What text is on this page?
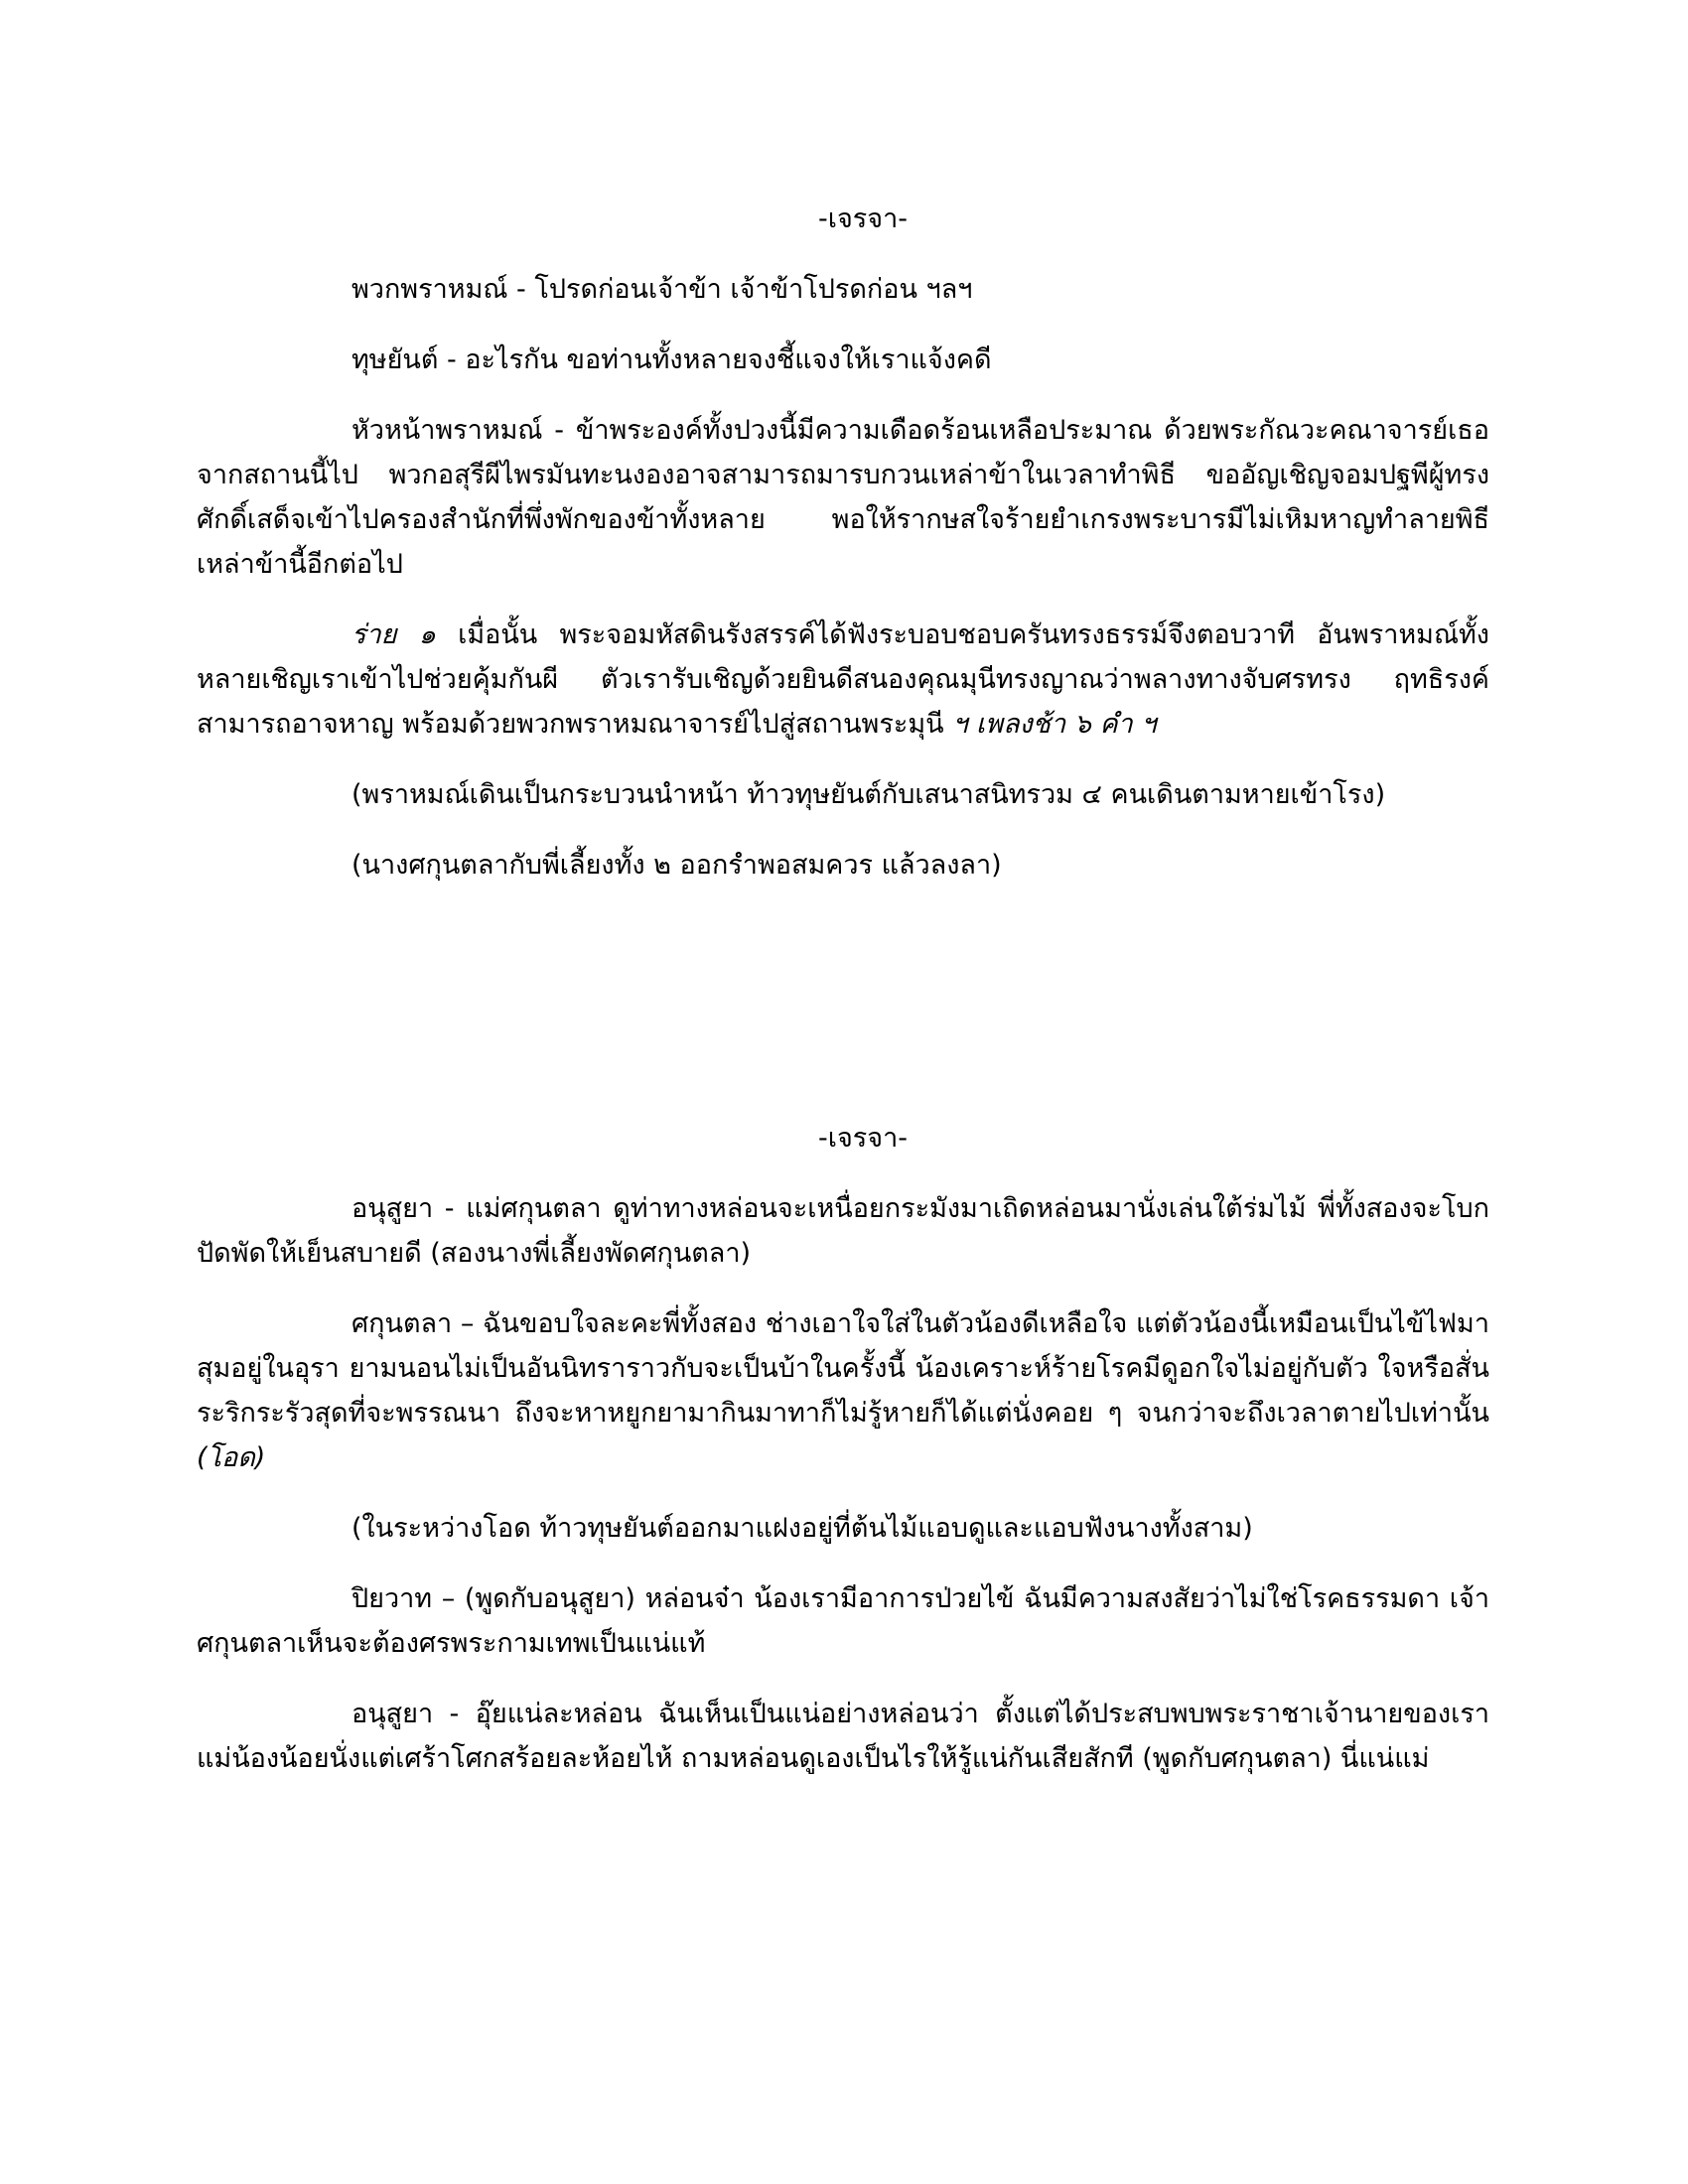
-เจรจา-

พวกพราหมณ์ - โปรดก่อนเจ้าข้า เจ้าข้าโปรดก่อน ฯลฯ

ทุษยันต์ - อะไรกัน ขอท่านทั้งหลายจงชี้แจงให้เราแจ้งคดี

หัวหน้าพราหมณ์ - ข้าพระองค์ทั้งปวงนี้มีความเดือดร้อนเหลือประมาณ ด้วยพระกัณวะคณาจารย์เธอจากสถานนี้ไป พวกอสุรีผีไพรมันทะนงองอาจสามารถมารบกวนเหล่าข้าในเวลาทำพิธี ขออัญเชิญจอมปฐพีผู้ทรงศักดิ์เสด็จเข้าไปครองสำนักที่พึ่งพักของข้าทั้งหลาย พอให้รากษสใจร้ายยำเกรงพระบารมีไม่เหิมหาญทำลายพิธีเหล่าข้านี้อีกต่อไป

ร่าย ๑ เมื่อนั้น พระจอมหัสดินรังสรรค์ได้ฟังระบอบชอบครันทรงธรรม์จึงตอบวาที อันพราหมณ์ทั้งหลายเชิญเราเข้าไปช่วยคุ้มกันผี ตัวเรารับเชิญด้วยยินดีสนองคุณมุนีทรงญาณว่าพลางทางจับศรทรง ฤทธิรงค์สามารถอาจหาญ พร้อมด้วยพวกพราหมณาจารย์ไปสู่สถานพระมุนี ฯ เพลงช้า ๖ คำ ฯ

(พราหมณ์เดินเป็นกระบวนนำหน้า ท้าวทุษยันต์กับเสนาสนิทรวม ๔ คนเดินตามหายเข้าโรง)

(นางศกุนตลากับพี่เลี้ยงทั้ง ๒ ออกรำพอสมควร แล้วลงลา)

-เจรจา-

อนุสูยา - แม่ศกุนตลา ดูท่าทางหล่อนจะเหนื่อยกระมังมาเถิดหล่อนมานั่งเล่นใต้ร่มไม้ พี่ทั้งสองจะโบกปัดพัดให้เย็นสบายดี (สองนางพี่เลี้ยงพัดศกุนตลา)

ศกุนตลา – ฉันขอบใจละคะพี่ทั้งสอง ช่างเอาใจใส่ในตัวน้องดีเหลือใจ แต่ตัวน้องนี้เหมือนเป็นไข้ไฟมาสุมอยู่ในอุรา ยามนอนไม่เป็นอันนิทราราวกับจะเป็นบ้าในครั้งนี้ น้องเคราะห์ร้ายโรคมีดูอกใจไม่อยู่กับตัว ใจหรือสั่นระริกระรัวสุดที่จะพรรณนา ถึงจะหาหยูกยามากินมาทาก็ไม่รู้หายก็ได้แต่นั่งคอย ๆ จนกว่าจะถึงเวลาตายไปเท่านั้น (โอด)

(ในระหว่างโอด ท้าวทุษยันต์ออกมาแฝงอยู่ที่ต้นไม้แอบดูและแอบฟังนางทั้งสาม)

ปิยวาท – (พูดกับอนุสูยา) หล่อนจ๋า น้องเรามีอาการป่วยไข้ ฉันมีความสงสัยว่าไม่ใช่โรคธรรมดา เจ้าศกุนตลาเห็นจะต้องศรพระกามเทพเป็นแน่แท้

อนุสูยา - อุ๊ยแน่ละหล่อน ฉันเห็นเป็นแน่อย่างหล่อนว่า ตั้งแต่ได้ประสบพบพระราชาเจ้านายของเราแม่น้องน้อยนั่งแต่เศร้าโศกสร้อยละห้อยไห้ ถามหล่อนดูเองเป็นไรให้รู้แน่กันเสียสักที (พูดกับศกุนตลา) นี่แน่แม่
